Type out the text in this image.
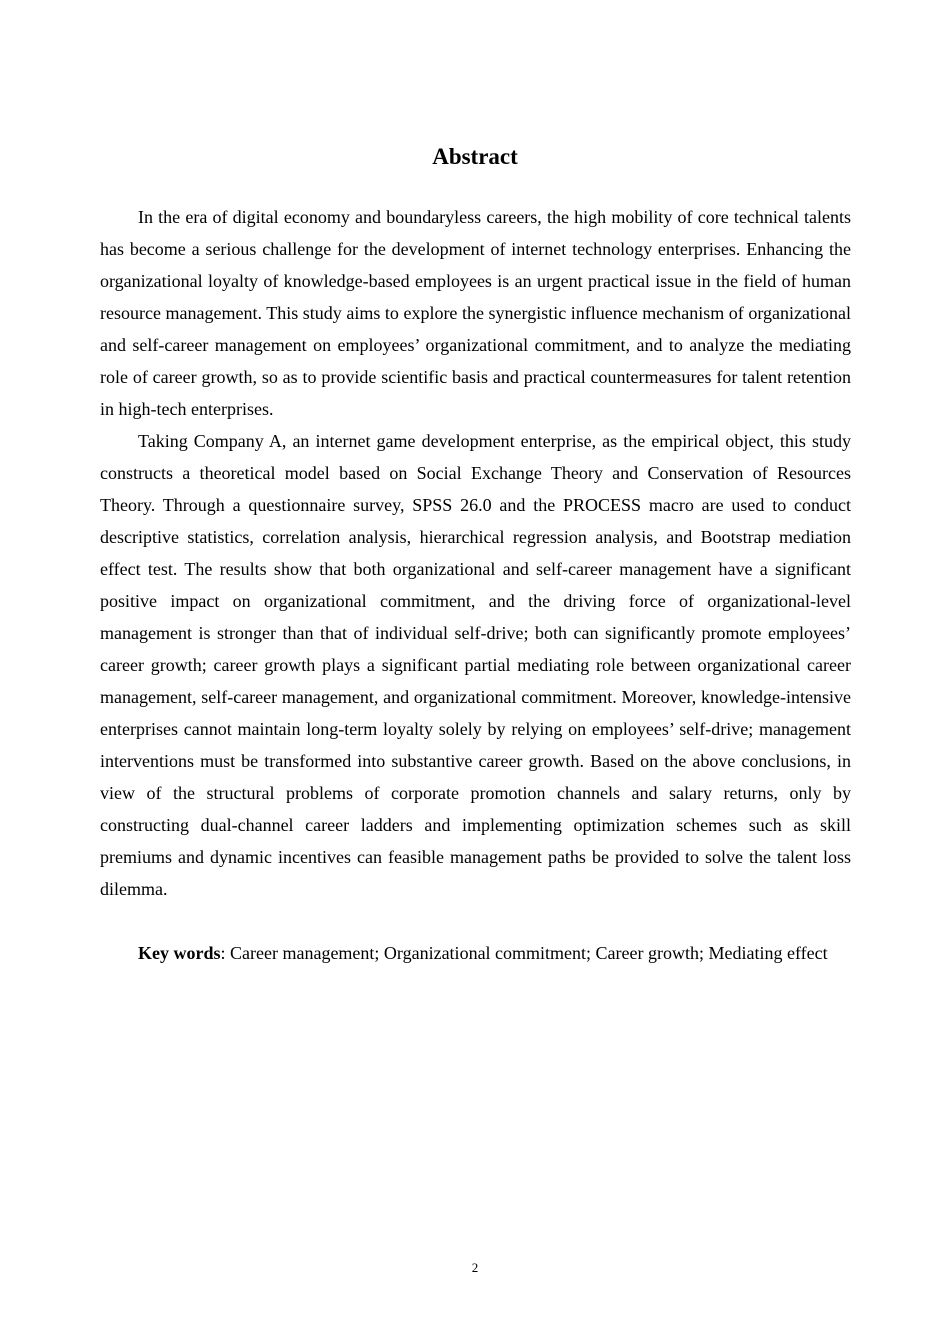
Abstract

In the era of digital economy and boundaryless careers, the high mobility of core technical talents has become a serious challenge for the development of internet technology enterprises. Enhancing the organizational loyalty of knowledge-based employees is an urgent practical issue in the field of human resource management. This study aims to explore the synergistic influence mechanism of organizational and self-career management on employees’ organizational commitment, and to analyze the mediating role of career growth, so as to provide scientific basis and practical countermeasures for talent retention in high-tech enterprises.

Taking Company A, an internet game development enterprise, as the empirical object, this study constructs a theoretical model based on Social Exchange Theory and Conservation of Resources Theory. Through a questionnaire survey, SPSS 26.0 and the PROCESS macro are used to conduct descriptive statistics, correlation analysis, hierarchical regression analysis, and Bootstrap mediation effect test. The results show that both organizational and self-career management have a significant positive impact on organizational commitment, and the driving force of organizational-level management is stronger than that of individual self-drive; both can significantly promote employees’ career growth; career growth plays a significant partial mediating role between organizational career management, self-career management, and organizational commitment. Moreover, knowledge-intensive enterprises cannot maintain long-term loyalty solely by relying on employees’ self-drive; management interventions must be transformed into substantive career growth. Based on the above conclusions, in view of the structural problems of corporate promotion channels and salary returns, only by constructing dual-channel career ladders and implementing optimization schemes such as skill premiums and dynamic incentives can feasible management paths be provided to solve the talent loss dilemma.

Key words: Career management; Organizational commitment; Career growth; Mediating effect

2
